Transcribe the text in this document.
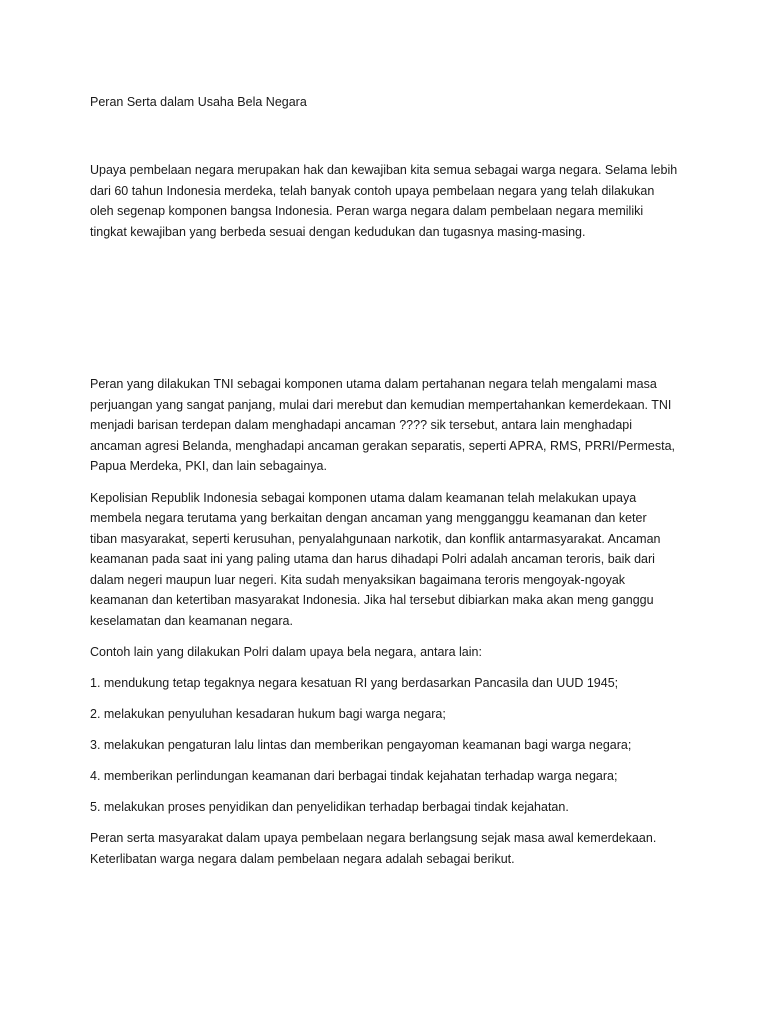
Peran Serta dalam Usaha Bela Negara

Upaya pembelaan negara merupakan hak dan kewajiban kita semua sebagai warga negara. Selama lebih
dari 60 tahun Indonesia merdeka, telah banyak contoh upaya pembelaan negara yang telah dilakukan
oleh segenap komponen bangsa Indonesia. Peran warga negara dalam pembelaan negara memiliki
tingkat kewajiban yang berbeda sesuai dengan kedudukan dan tugasnya masing-masing.

Peran yang dilakukan TNI sebagai komponen utama dalam pertahanan negara telah mengalami masa
perjuangan yang sangat panjang, mulai dari merebut dan kemudian mempertahankan kemerdekaan. TNI
menjadi barisan terdepan dalam menghadapi ancaman ???? sik tersebut, antara lain menghadapi
ancaman agresi Belanda, menghadapi ancaman gerakan separatis, seperti APRA, RMS, PRRI/Permesta,
Papua Merdeka, PKI, dan lain sebagainya.

Kepolisian Republik Indonesia sebagai komponen utama dalam keamanan telah melakukan upaya
membela negara terutama yang berkaitan dengan ancaman yang mengganggu keamanan dan keter
tiban masyarakat, seperti kerusuhan, penyalahgunaan narkotik, dan konflik antarmasyarakat. Ancaman
keamanan pada saat ini yang paling utama dan harus dihadapi Polri adalah ancaman teroris, baik dari
dalam negeri maupun luar negeri. Kita sudah menyaksikan bagaimana teroris mengoyak-ngoyak
keamanan dan ketertiban masyarakat Indonesia. Jika hal tersebut dibiarkan maka akan meng ganggu
keselamatan dan keamanan negara.

Contoh lain yang dilakukan Polri dalam upaya bela negara, antara lain:
1. mendukung tetap tegaknya negara kesatuan RI yang berdasarkan Pancasila dan UUD 1945;
2. melakukan penyuluhan kesadaran hukum bagi warga negara;
3. melakukan pengaturan lalu lintas dan memberikan pengayoman keamanan bagi warga negara;
4. memberikan perlindungan keamanan dari berbagai tindak kejahatan terhadap warga negara;
5. melakukan proses penyidikan dan penyelidikan terhadap berbagai tindak kejahatan.

Peran serta masyarakat dalam upaya pembelaan negara berlangsung sejak masa awal kemerdekaan.
Keterlibatan warga negara dalam pembelaan negara adalah sebagai berikut.
